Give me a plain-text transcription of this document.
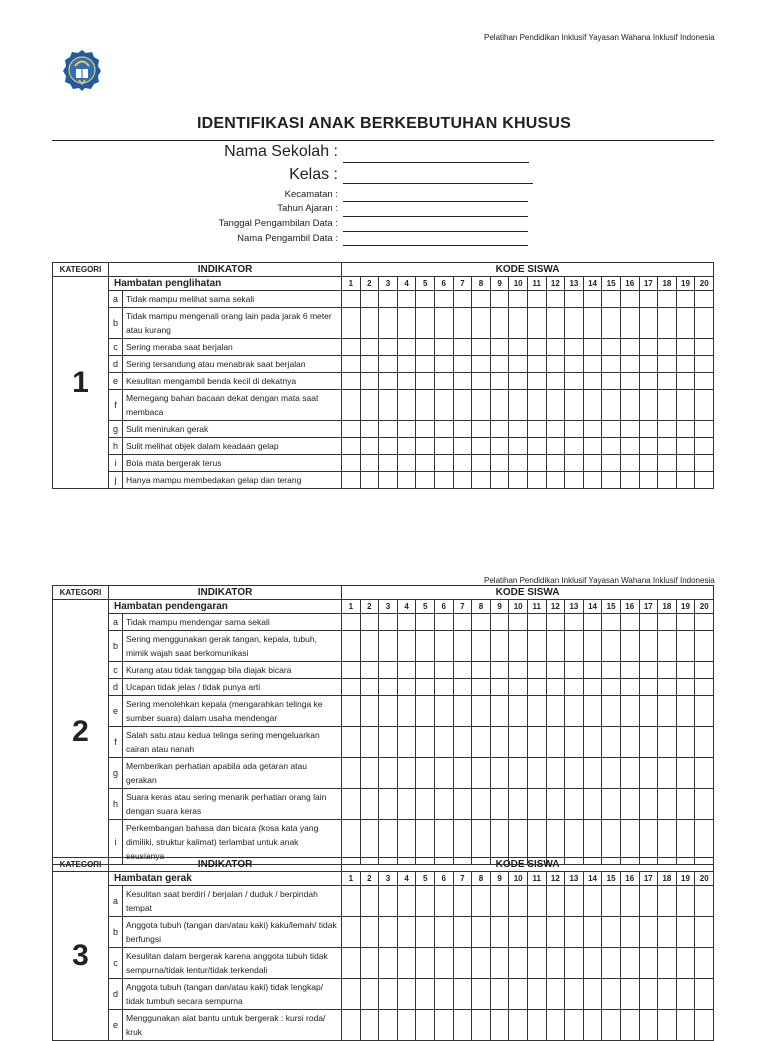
Pelatihan Pendidikan Inklusif Yayasan Wahana Inklusif Indonesia
Pelatihan Pendidikan Inklusif Yayasan Wahana Inklusif Indonesia
IDENTIFIKASI ANAK BERKEBUTUHAN KHUSUS
Nama Sekolah :
Kelas :
Kecamatan :
Tahun Ajaran :
Tanggal Pengambilan Data :
Nama Pengambil Data :
KATEGORI	INDIKATOR		KODE SISWA																			
1	Hambatan penglihatan		1	2	3	4	5	6	7	8	9	10	11	12	13	14	15	16	17	18	19	20
	a	Tidak mampu melihat sama sekali																				
	b	Tidak mampu mengenali orang lain pada jarak 6 meter atau kurang																				
	c	Sering meraba saat berjalan																				
	d	Sering tersandung atau menabrak saat berjalan																				
	e	Kesulitan mengambil benda kecil di dekatnya																				
	f	Memegang bahan bacaan dekat dengan mata saat membaca																				
	g	Sulit menirukan gerak																				
	h	Sulit melihat objek dalam keadaan gelap																				
	i	Bola mata bergerak terus																				
	j	Hanya mampu membedakan gelap dan terang																				
KATEGORI	INDIKATOR		KODE SISWA																			
2	Hambatan pendengaran		1	2	3	4	5	6	7	8	9	10	11	12	13	14	15	16	17	18	19	20
	a	Tidak mampu mendengar sama sekali																				
	b	Sering menggunakan gerak tangan, kepala, tubuh, mimik wajah saat berkomunikasi																				
	c	Kurang atau tidak tanggap bila diajak bicara																				
	d	Ucapan tidak jelas / tidak punya arti																				
	e	Sering menolehkan kepala (mengarahkan telinga ke sumber suara) dalam usaha mendengar																				
	f	Salah satu atau kedua telinga sering mengeluarkan cairan atau nanah																				
	g	Memberikan perhatian apabila ada getaran atau gerakan																				
	h	Suara keras atau sering menarik perhatian orang lain dengan suara keras																				
	i	Perkembangan bahasa dan bicara (kosa kata yang dimiliki, struktur kalimat) terlambat untuk anak seusianya																				
KATEGORI	INDIKATOR		KODE SISWA																			
3	Hambatan gerak		1	2	3	4	5	6	7	8	9	10	11	12	13	14	15	16	17	18	19	20
	a	Kesulitan saat berdiri / berjalan / duduk / berpindah tempat																				
	b	Anggota tubuh (tangan dan/atau kaki) kaku/lemah/ tidak berfungsi																				
	c	Kesulitan dalam bergerak karena anggota tubuh tidak sempurna/tidak lentur/tidak terkendali																				
	d	Anggota tubuh (tangan dan/atau kaki) tidak lengkap/ tidak tumbuh secara sempurna																				
	e	Menggunakan alat bantu untuk bergerak : kursi roda/ kruk																				
